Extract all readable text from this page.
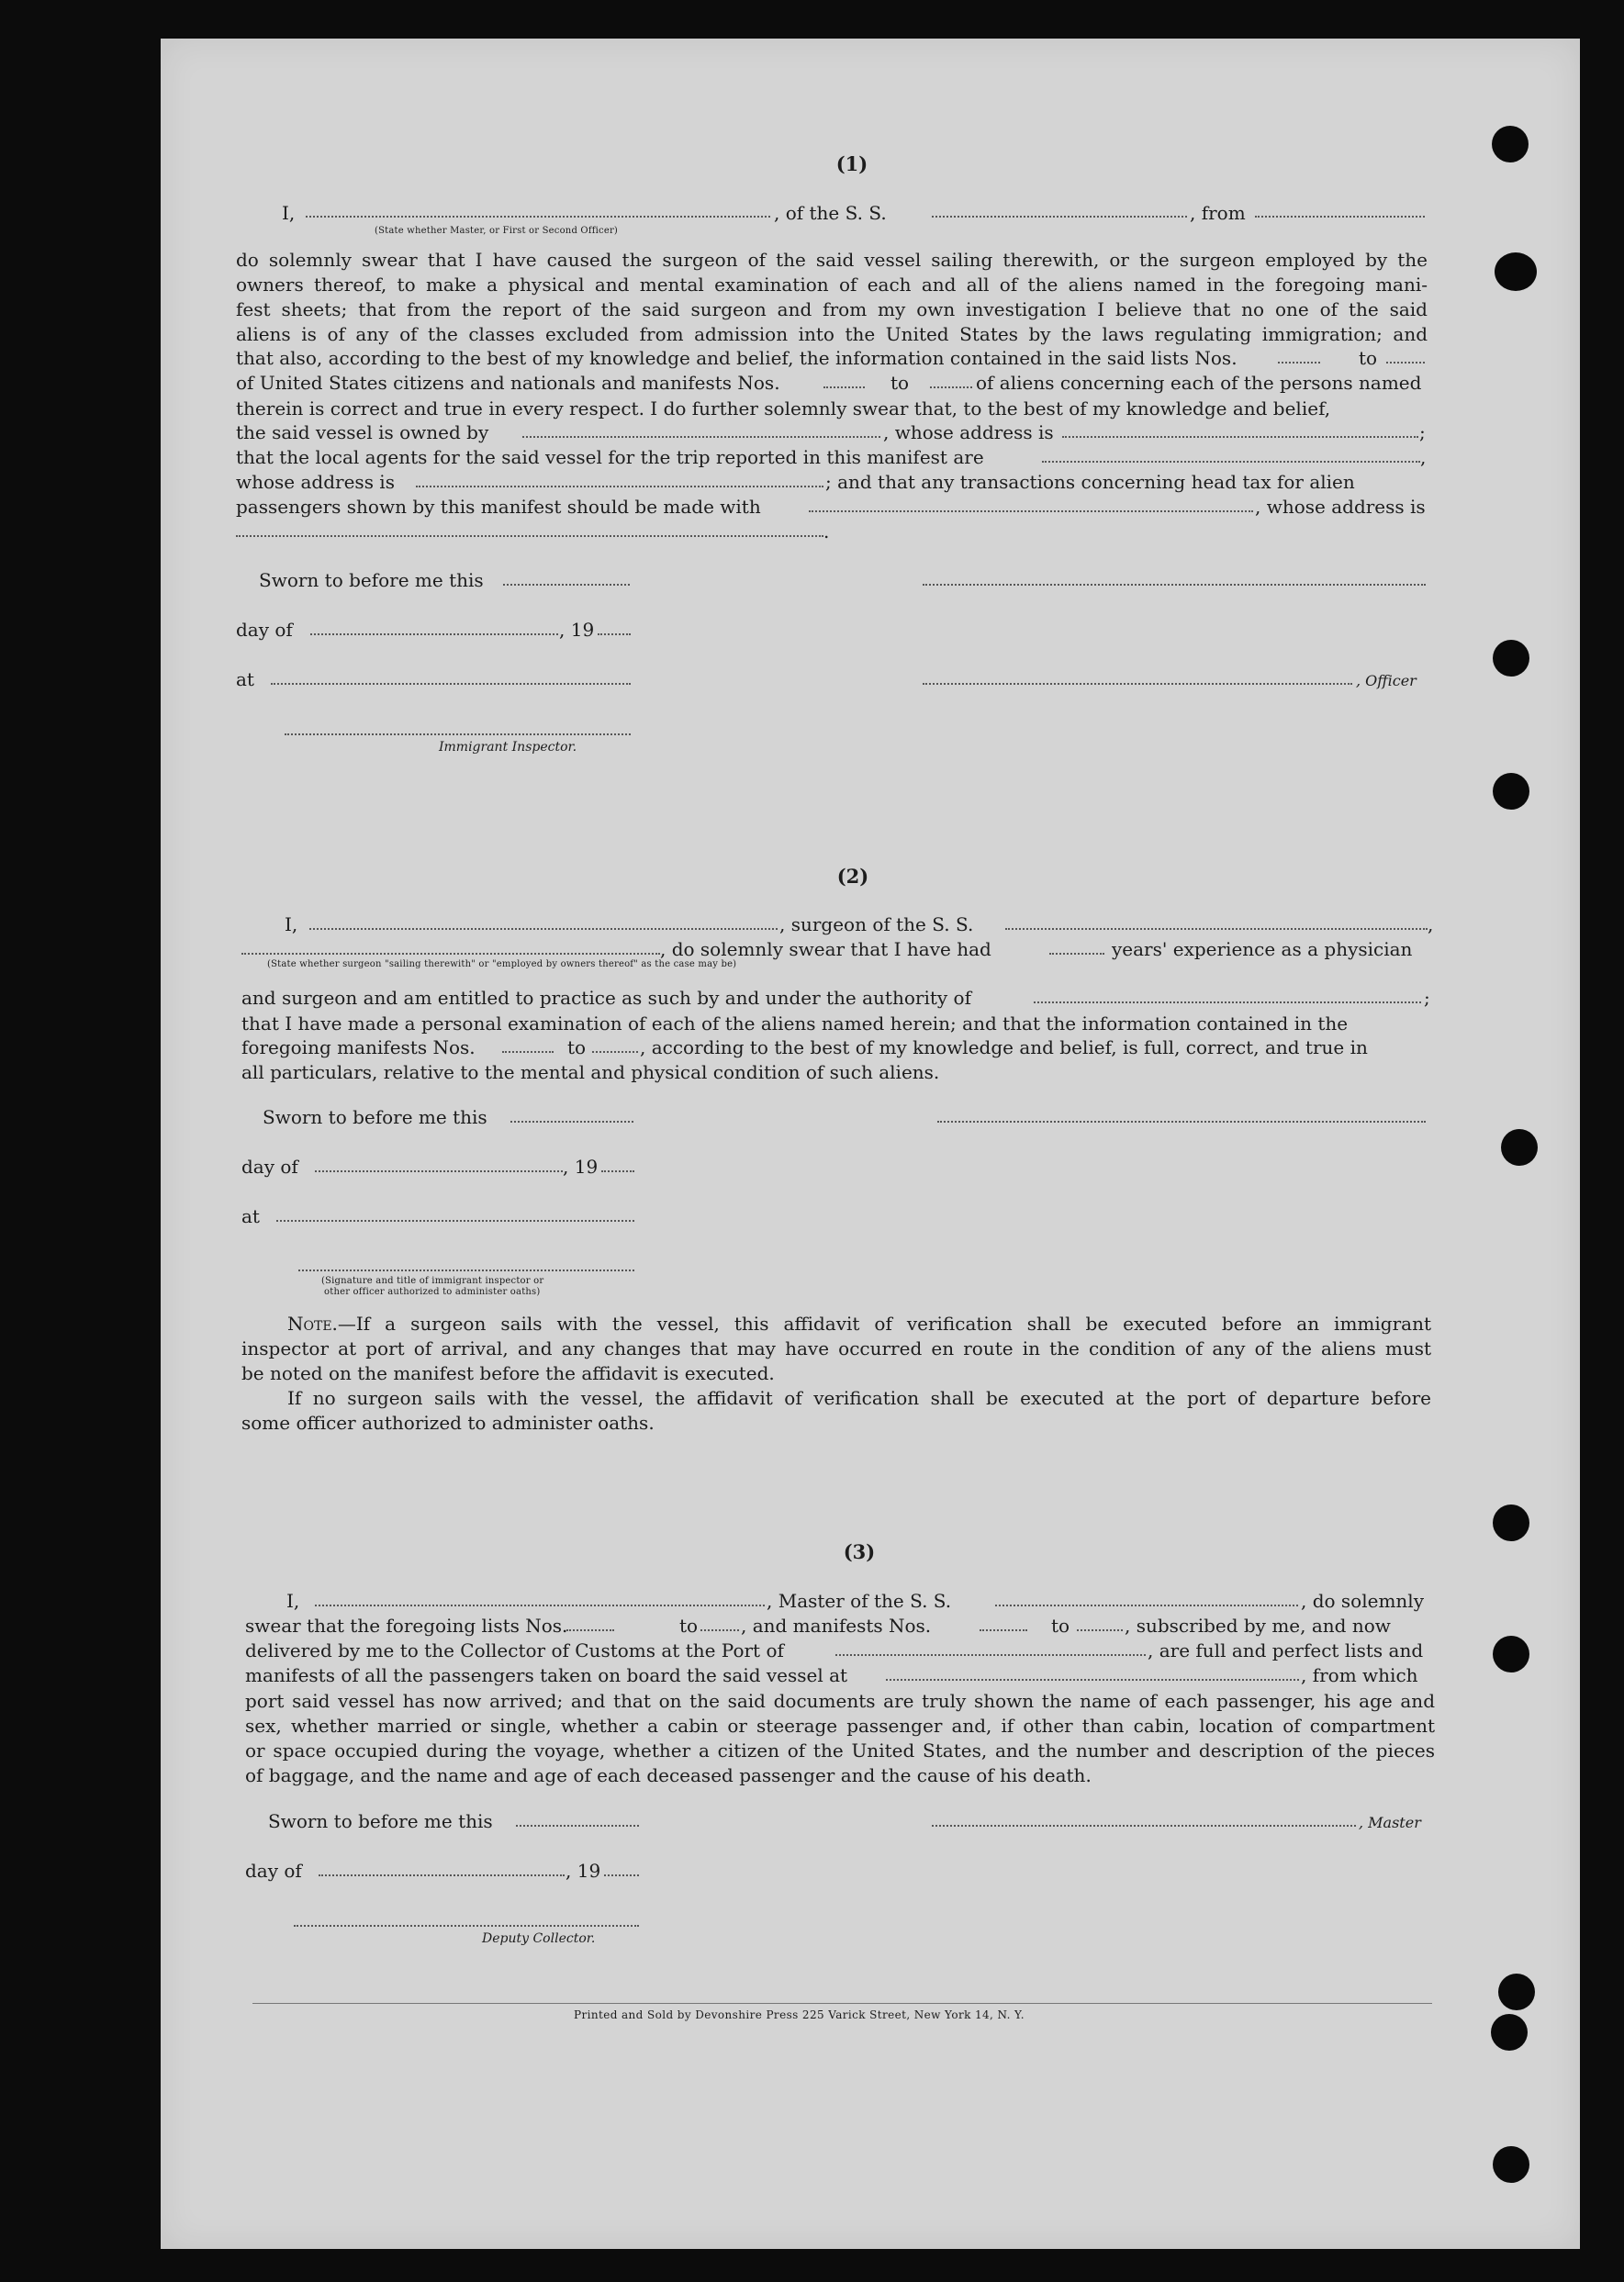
(1)
I,	, of the S. S.	, from
(State whether Master, or First or Second Officer)
do solemnly swear that I have caused the surgeon of the said vessel sailing therewith, or the surgeon employed by the
owners thereof, to make a physical and mental examination of each and all of the aliens named in the foregoing mani-
fest sheets; that from the report of the said surgeon and from my own investigation I believe that no one of the said
aliens is of any of the classes excluded from admission into the United States by the laws regulating immigration; and
that also, according to the best of my knowledge and belief, the information contained in the said lists Nos.	to
of United States citizens and nationals and manifests Nos.	to	of aliens concerning each of the persons named
therein is correct and true in every respect. I do further solemnly swear that, to the best of my knowledge and belief,
the said vessel is owned by	, whose address is	;
that the local agents for the said vessel for the trip reported in this manifest are	,
whose address is	; and that any transactions concerning head tax for alien
passengers shown by this manifest should be made with	, whose address is
.
Sworn to before me this
day of	, 19
at	, Officer
Immigrant Inspector.
(2)
I,	, surgeon of the S. S.	,
, do solemnly swear that I have had	years' experience as a physician
(State whether surgeon "sailing therewith" or "employed by owners thereof" as the case may be)
and surgeon and am entitled to practice as such by and under the authority of	;
that I have made a personal examination of each of the aliens named herein; and that the information contained in the
foregoing manifests Nos.	to	, according to the best of my knowledge and belief, is full, correct, and true in
all particulars, relative to the mental and physical condition of such aliens.
Sworn to before me this
day of	, 19
at
(Signature and title of immigrant inspector or
other officer authorized to administer oaths)
Note.—If a surgeon sails with the vessel, this affidavit of verification shall be executed before an immigrant
inspector at port of arrival, and any changes that may have occurred en route in the condition of any of the aliens must
be noted on the manifest before the affidavit is executed.
If no surgeon sails with the vessel, the affidavit of verification shall be executed at the port of departure before
some officer authorized to administer oaths.
(3)
I,	, Master of the S. S.	, do solemnly
swear that the foregoing lists Nos.	to , and manifests Nos.	to	, subscribed by me, and now
delivered by me to the Collector of Customs at the Port of	, are full and perfect lists and
manifests of all the passengers taken on board the said vessel at	, from which
port said vessel has now arrived; and that on the said documents are truly shown the name of each passenger, his age and
sex, whether married or single, whether a cabin or steerage passenger and, if other than cabin, location of compartment
or space occupied during the voyage, whether a citizen of the United States, and the number and description of the pieces
of baggage, and the name and age of each deceased passenger and the cause of his death.
Sworn to before me this	, Master
day of	, 19
Deputy Collector.
Printed and Sold by Devonshire Press 225 Varick Street, New York 14, N. Y.
